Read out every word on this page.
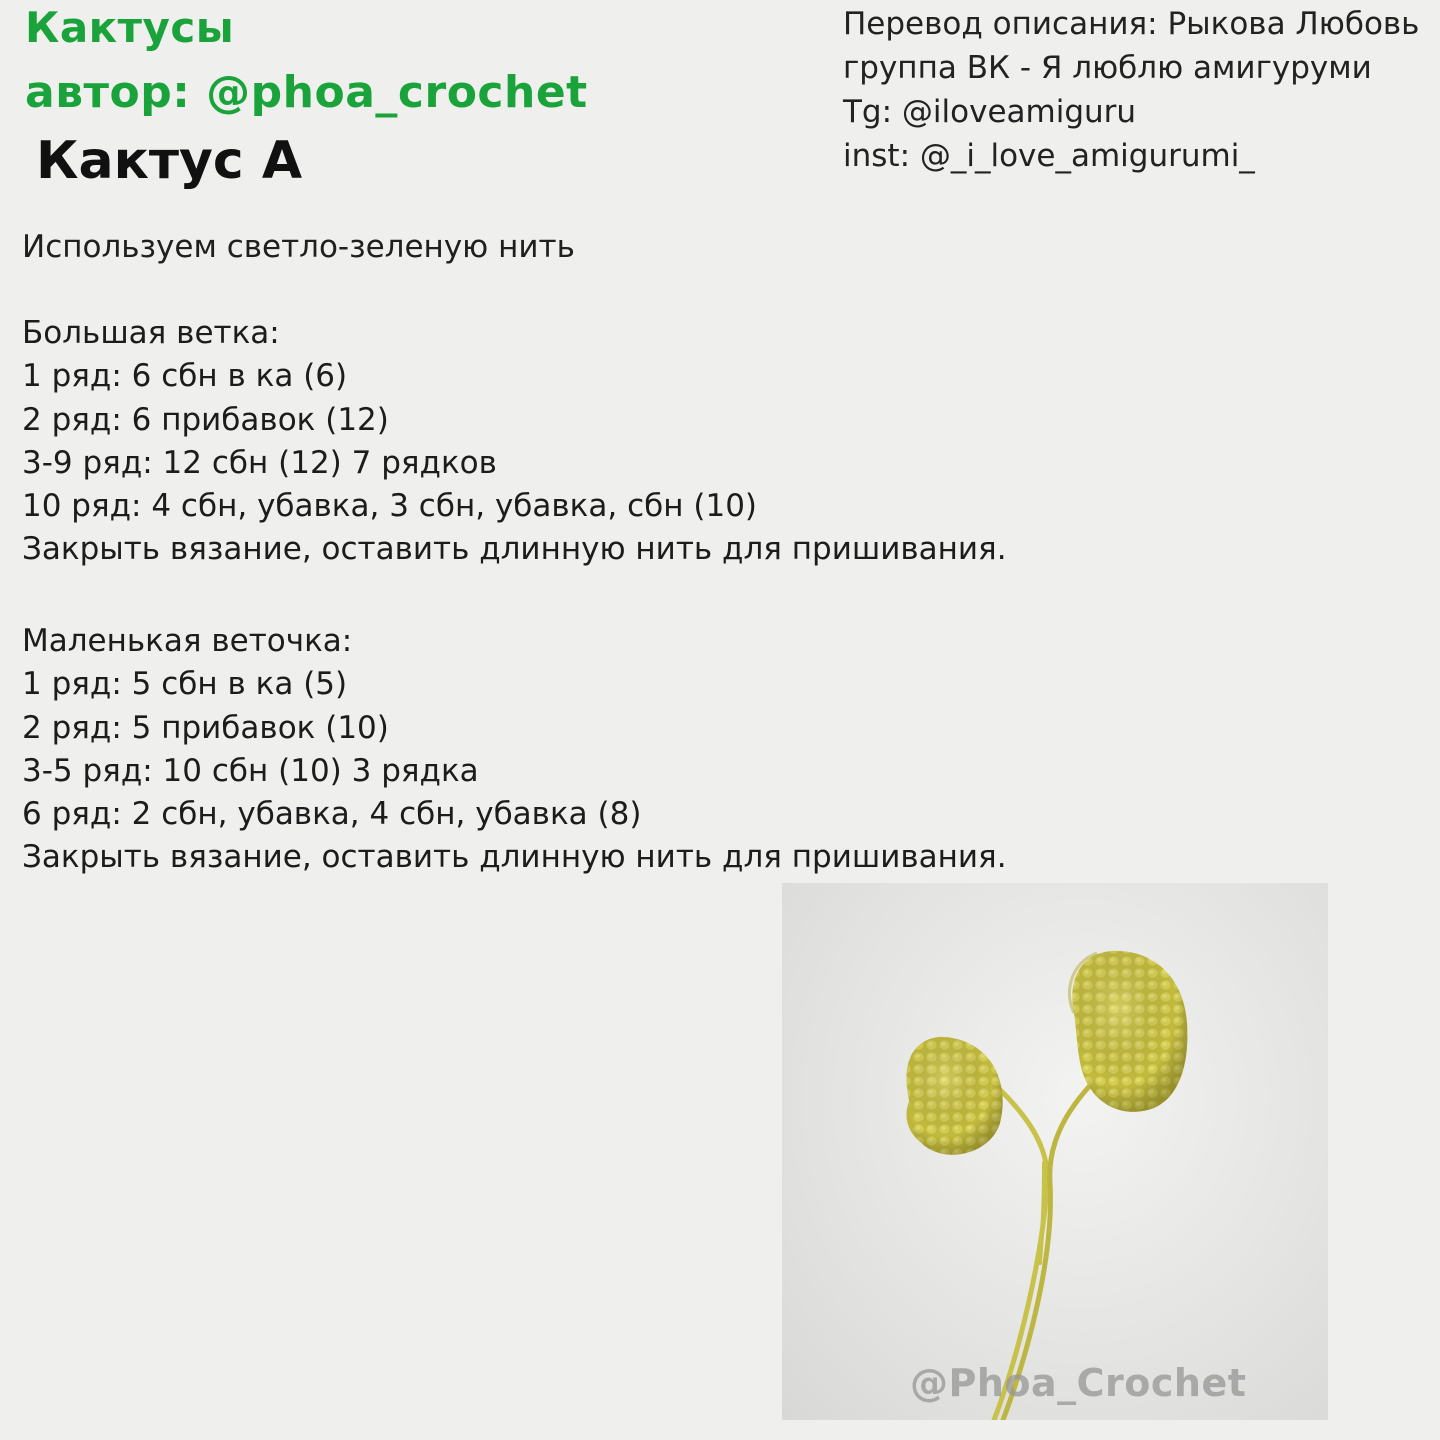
Кактусы
автор: @phoa_crochet
Кактус А
Перевод описания: Рыкова Любовь
группа ВК - Я люблю амигуруми
Tg: @iloveamiguru
inst: @_i_love_amigurumi_
Используем светло-зеленую нить
Большая ветка:
1 ряд: 6 сбн в ка (6)
2 ряд: 6 прибавок (12)
3-9 ряд: 12 сбн (12) 7 рядков
10 ряд: 4 сбн, убавка, 3 сбн, убавка, сбн (10)
Закрыть вязание, оставить длинную нить для пришивания.
Маленькая веточка:
1 ряд: 5 сбн в ка (5)
2 ряд: 5 прибавок (10)
3-5 ряд: 10 сбн (10) 3 рядка
6 ряд: 2 сбн, убавка, 4 сбн, убавка (8)
Закрыть вязание, оставить длинную нить для пришивания.
@Phoa_Crochet
